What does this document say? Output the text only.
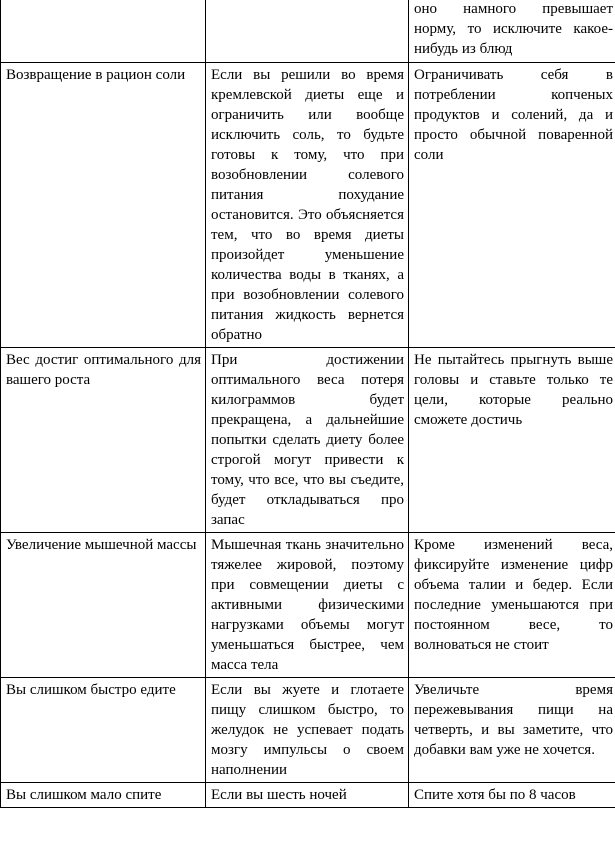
		оно намного превышает норму, то исключите какое-нибудь из блюд

Возвращение в рацион соли	Если вы решили во время кремлевской диеты еще и ограничить или вообще исключить соль, то будьте готовы к тому, что при возобновлении солевого питания похудание остановится. Это объясняется тем, что во время диеты произойдет уменьшение количества воды в тканях, а при возобновлении солевого питания жидкость вернется обратно	Ограничивать себя в потреблении копченых продуктов и солений, да и просто обычной поваренной соли

Вес достиг оптимального для вашего роста	При достижении оптимального веса потеря килограммов будет прекращена, а дальнейшие попытки сделать диету более строгой могут привести к тому, что все, что вы съедите, будет откладываться про запас	Не пытайтесь прыгнуть выше головы и ставьте только те цели, которые реально сможете достичь

Увеличение мышечной массы	Мышечная ткань значительно тяжелее жировой, поэтому при совмещении диеты с активными физическими нагрузками объемы могут уменьшаться быстрее, чем масса тела	Кроме изменений веса, фиксируйте изменение цифр объема талии и бедер. Если последние уменьшаются при постоянном весе, то волноваться не стоит

Вы слишком быстро едите	Если вы жуете и глотаете пищу слишком быстро, то желудок не успевает подать мозгу импульсы о своем наполнении	Увеличьте время пережевывания пищи на четверть, и вы заметите, что добавки вам уже не хочется.

Вы слишком мало спите	Если вы шесть ночей	Спите хотя бы по 8 часов
